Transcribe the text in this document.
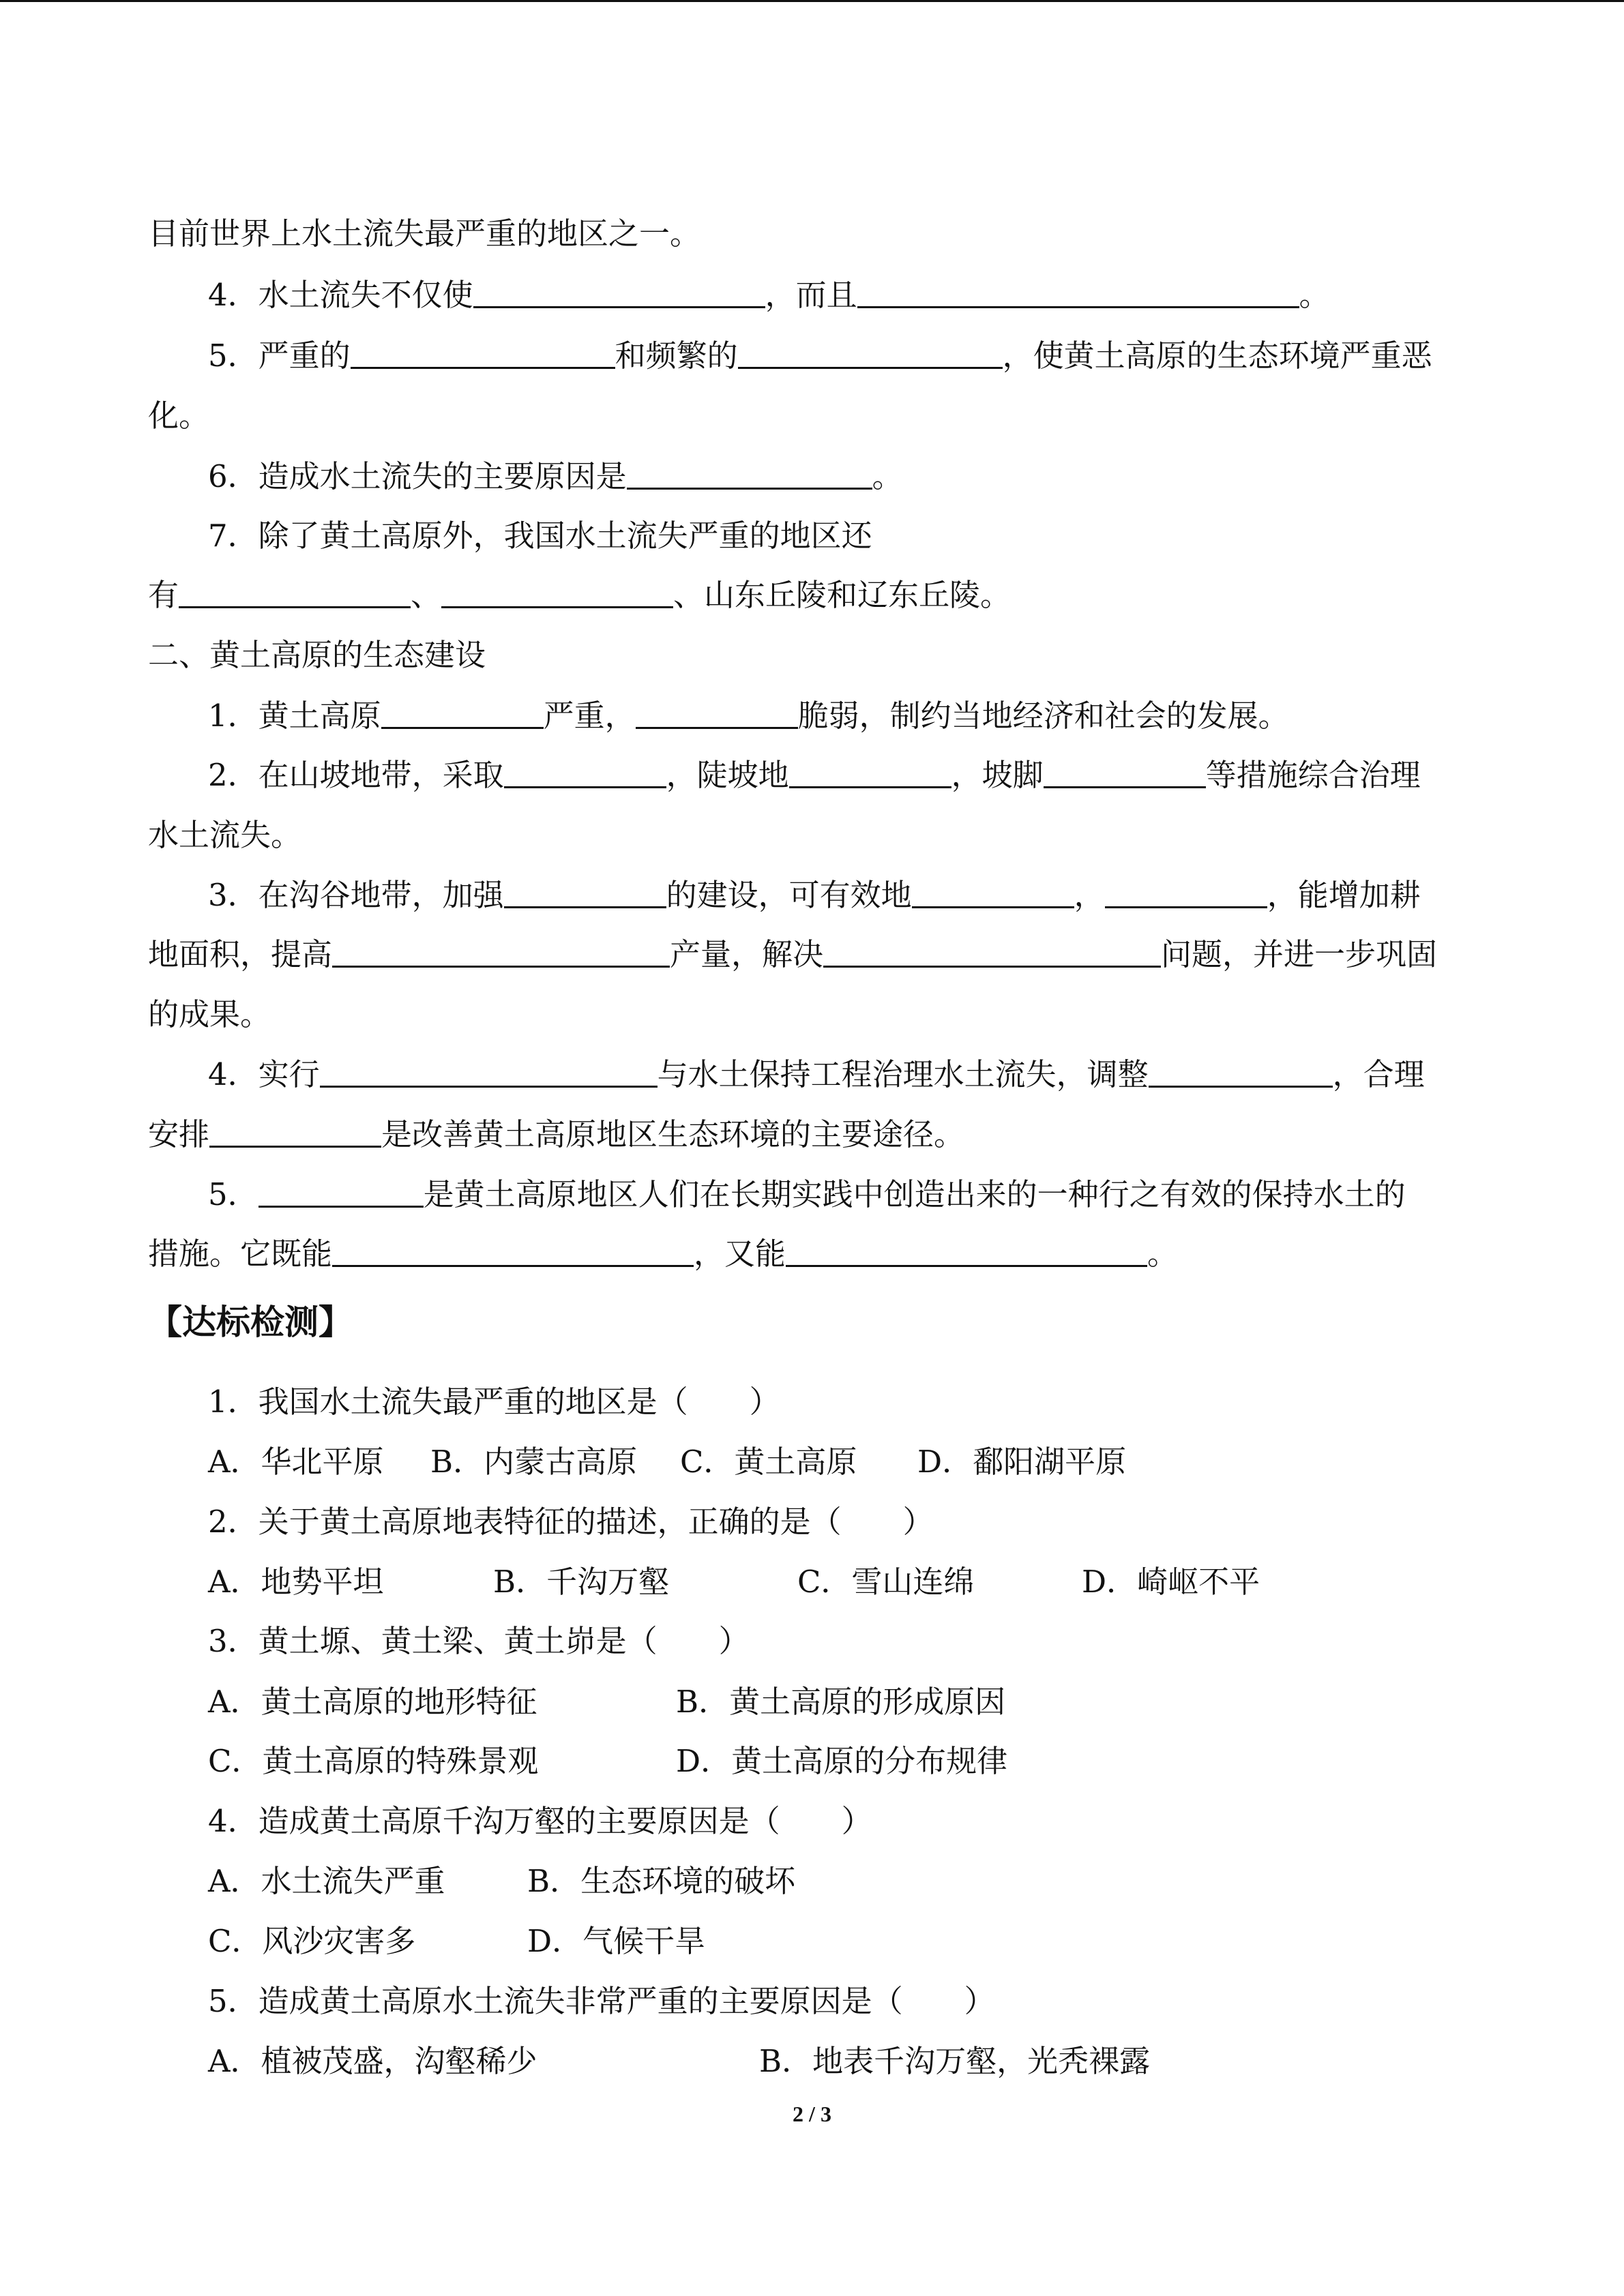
目前世界上水土流失最严重的地区之一。
4．水土流失不仅使	，而且	。
5．严重的	和频繁的	，使黄土高原的生态环境严重恶
化。
6．造成水土流失的主要原因是	。
7．除了黄土高原外，我国水土流失严重的地区还
有	、	、山东丘陵和辽东丘陵。
二、黄土高原的生态建设
1．黄土高原	严重，	脆弱，制约当地经济和社会的发展。
2．在山坡地带，采取	，陡坡地	，坡脚	等措施综合治理
水土流失。
3．在沟谷地带，加强	的建设，可有效地	，	，能增加耕
地面积，提高	产量，解决	问题，并进一步巩固
的成果。
4．实行	与水土保持工程治理水土流失，调整	，合理
安排	是改善黄土高原地区生态环境的主要途径。
5．	是黄土高原地区人们在长期实践中创造出来的一种行之有效的保持水土的
措施。它既能	，又能	。
【达标检测】
1．我国水土流失最严重的地区是（　　）
A．华北平原 B．内蒙古高原 C．黄土高原 D．鄱阳湖平原
2．关于黄土高原地表特征的描述，正确的是（　　）
A．地势平坦	B．千沟万壑	C．雪山连绵	D．崎岖不平
3．黄土塬、黄土梁、黄土峁是（　　）
A．黄土高原的地形特征	B．黄土高原的形成原因
C．黄土高原的特殊景观	D．黄土高原的分布规律
4．造成黄土高原千沟万壑的主要原因是（　　）
A．水土流失严重	B．生态环境的破坏
C．风沙灾害多	D．气候干旱
5．造成黄土高原水土流失非常严重的主要原因是（　　）
A．植被茂盛，沟壑稀少	B．地表千沟万壑，光秃裸露
2 / 3
